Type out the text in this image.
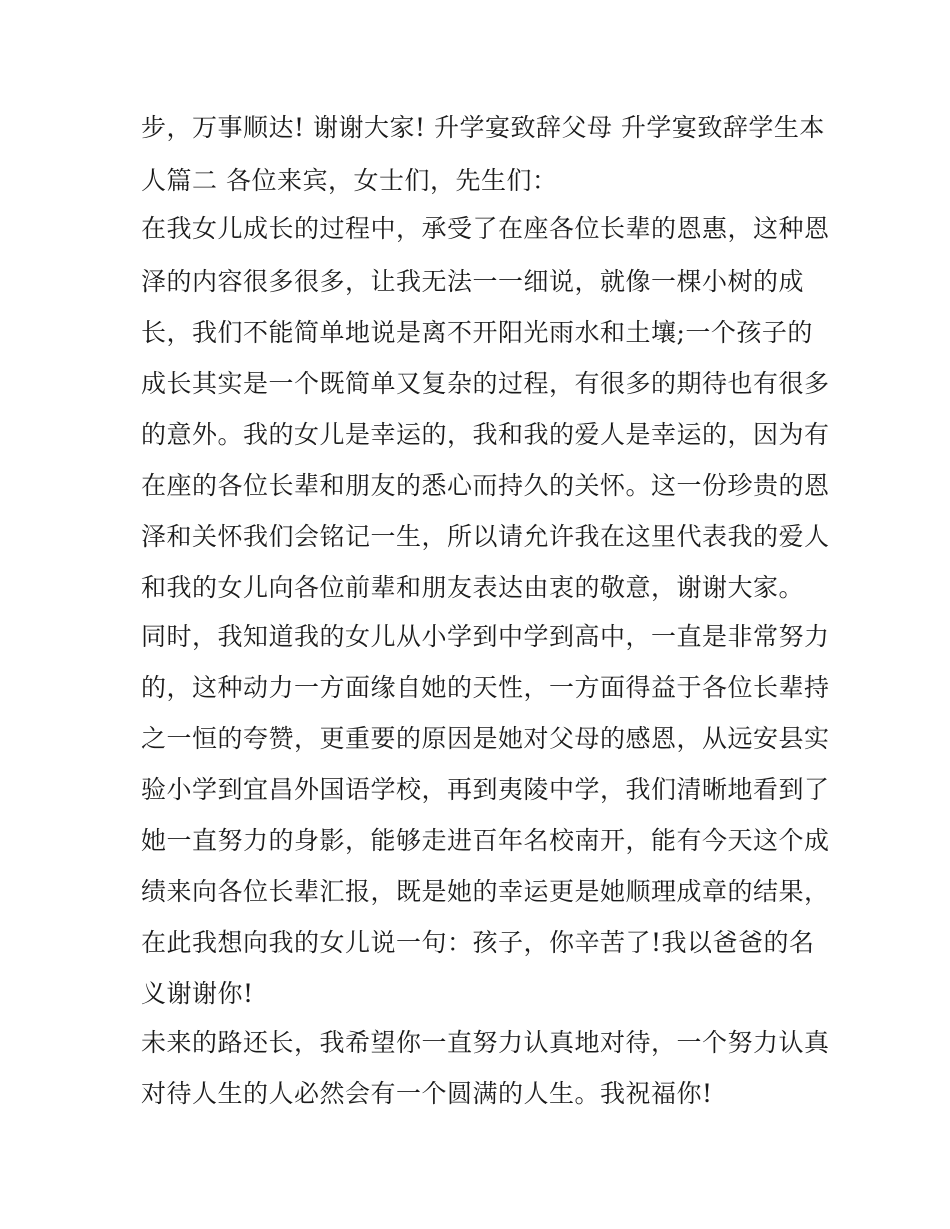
步，万事顺达! 谢谢大家! 升学宴致辞父母 升学宴致辞学生本
人篇二 各位来宾，女士们，先生们：
在我女儿成长的过程中，承受了在座各位长辈的恩惠，这种恩
泽的内容很多很多，让我无法一一细说，就像一棵小树的成
长，我们不能简单地说是离不开阳光雨水和土壤;一个孩子的
成长其实是一个既简单又复杂的过程，有很多的期待也有很多
的意外。我的女儿是幸运的，我和我的爱人是幸运的，因为有
在座的各位长辈和朋友的悉心而持久的关怀。这一份珍贵的恩
泽和关怀我们会铭记一生，所以请允许我在这里代表我的爱人
和我的女儿向各位前辈和朋友表达由衷的敬意，谢谢大家。
同时，我知道我的女儿从小学到中学到高中，一直是非常努力
的，这种动力一方面缘自她的天性，一方面得益于各位长辈持
之一恒的夸赞，更重要的原因是她对父母的感恩，从远安县实
验小学到宜昌外国语学校，再到夷陵中学，我们清晰地看到了
她一直努力的身影，能够走进百年名校南开，能有今天这个成
绩来向各位长辈汇报，既是她的幸运更是她顺理成章的结果，
在此我想向我的女儿说一句：孩子，你辛苦了!我以爸爸的名
义谢谢你!
未来的路还长，我希望你一直努力认真地对待，一个努力认真
对待人生的人必然会有一个圆满的人生。我祝福你!
